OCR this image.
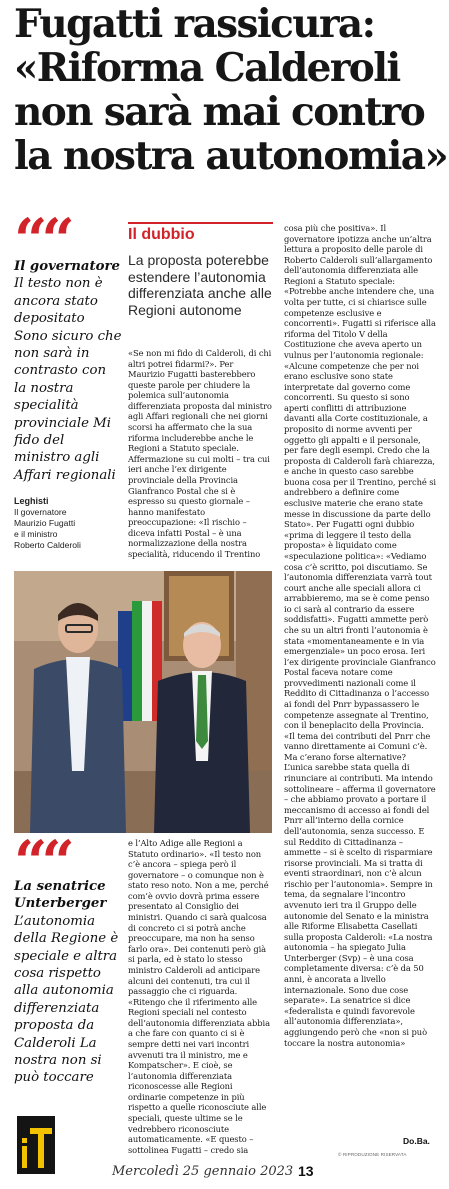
Fugatti rassicura:
«Riforma Calderoli
non sarà mai contro
la nostra autonomia»
““
Il governatore
Il testo non è ancora stato depositato Sono sicuro che non sarà in contrasto con la nostra specialità provinciale Mi fido del ministro agli Affari regionali
Leghisti
Il governatore
Maurizio Fugatti
e il ministro
Roberto Calderoli
““
La senatrice Unterberger
L’autonomia della Regione è speciale e altra cosa rispetto alla autonomia differenziata proposta da Calderoli La nostra non si può toccare
Il dubbio
La proposta poterebbe estendere l’autonomia differenziata anche alle Regioni autonome
«Se non mi fido di Calderoli, di chi altri potrei fidarmi?». Per Maurizio Fugatti basterebbero queste parole per chiudere la polemica sull’autonomia differenziata proposta dal ministro agli Affari regionali che nei giorni scorsi ha affermato che la sua riforma includerebbe anche le Regioni a Statuto speciale. Affermazione su cui molti – tra cui ieri anche l’ex dirigente provinciale della Provincia Gianfranco Postal che si è espresso su questo giornale – hanno manifestato preoccupazione: «Il rischio – diceva infatti Postal – è una normalizzazione della nostra specialità, riducendo il Trentino
e l’Alto Adige alle Regioni a Statuto ordinario». «Il testo non c’è ancora – spiega però il governatore – o comunque non è stato reso noto. Non a me, perché com’è ovvio dovrà prima essere presentato al Consiglio dei ministri. Quando ci sarà qualcosa di concreto ci si potrà anche preoccupare, ma non ha senso farlo ora». Dei contenuti però già si parla, ed è stato lo stesso ministro Calderoli ad anticipare alcuni dei contenuti, tra cui il passaggio che ci riguarda. «Ritengo che il riferimento alle Regioni speciali nel contesto dell’autonomia differenziata abbia a che fare con quanto ci si è sempre detti nei vari incontri avvenuti tra il ministro, me e Kompatscher». E cioè, se l’autonomia differenziata riconoscesse alle Regioni ordinarie competenze in più rispetto a quelle riconosciute alle speciali, queste ultime se le vedrebbero riconosciute automaticamente. «E questo – sottolinea Fugatti – credo sia
cosa più che positiva». Il governatore ipotizza anche un’altra lettura a proposito delle parole di Roberto Calderoli sull’allargamento dell’autonomia differenziata alle Regioni a Statuto speciale: «Potrebbe anche intendere che, una volta per tutte, ci si chiarisce sulle competenze esclusive e concorrenti». Fugatti si riferisce alla riforma del Titolo V della Costituzione che aveva aperto un vulnus per l’autonomia regionale: «Alcune competenze che per noi erano esclusive sono state interpretate dal governo come concorrenti. Su questo si sono aperti conflitti di attribuzione davanti alla Corte costituzionale, a proposito di norme avventi per oggetto gli appalti e il personale, per fare degli esempi. Credo che la proposta di Calderoli farà chiarezza, e anche in questo caso sarebbe buona cosa per il Trentino, perché si andrebbero a definire come esclusive materie che erano state messe in discussione da parte dello Stato». Per Fugatti ogni dubbio «prima di leggere il testo della proposta» è liquidato come «speculazione politica»: «Vediamo cosa c’è scritto, poi discutiamo. Se l’autonomia differenziata varrà tout court anche alle speciali allora ci arrabbieremo, ma se è come penso io ci sarà al contrario da essere soddisfatti». Fugatti ammette però che su un altri fronti l’autonomia è stata «momentaneamente e in via emergenziale» un poco erosa. Ieri l’ex dirigente provinciale Gianfranco Postal faceva notare come provvedimenti nazionali come il Reddito di Cittadinanza o l’accesso ai fondi del Pnrr bypassassero le competenze assegnate al Trentino, con il beneplacito della Provincia. «Il tema dei contributi del Pnrr che vanno direttamente ai Comuni c’è. Ma c’erano forse alternative? L’unica sarebbe stata quella di rinunciare ai contributi. Ma intendo sottolineare – afferma il governatore – che abbiamo provato a portare il meccanismo di accesso ai fondi del Pnrr all’interno della cornice dell’autonomia, senza successo. E sul Reddito di Cittadinanza – ammette – si è scelto di risparmiare risorse provinciali. Ma si tratta di eventi straordinari, non c’è alcun rischio per l’autonomia». Sempre in tema, da segnalare l’incontro avvenuto ieri tra il Gruppo delle autonomie del Senato e la ministra alle Riforme Elisabetta Casellati sulla proposta Calderoli: «La nostra autonomia – ha spiegato Julia Unterberger (Svp) – è una cosa completamente diversa: c’è da 50 anni, è ancorata a livello internazionale. Sono due cose separate». La senatrice si dice «federalista e quindi favorevole all’autonomia differenziata», aggiungendo però che «non si può toccare la nostra autonomia»
Do.Ba.
© RIPRODUZIONE RISERVATA
Mercoledì 25 gennaio 2023 13
